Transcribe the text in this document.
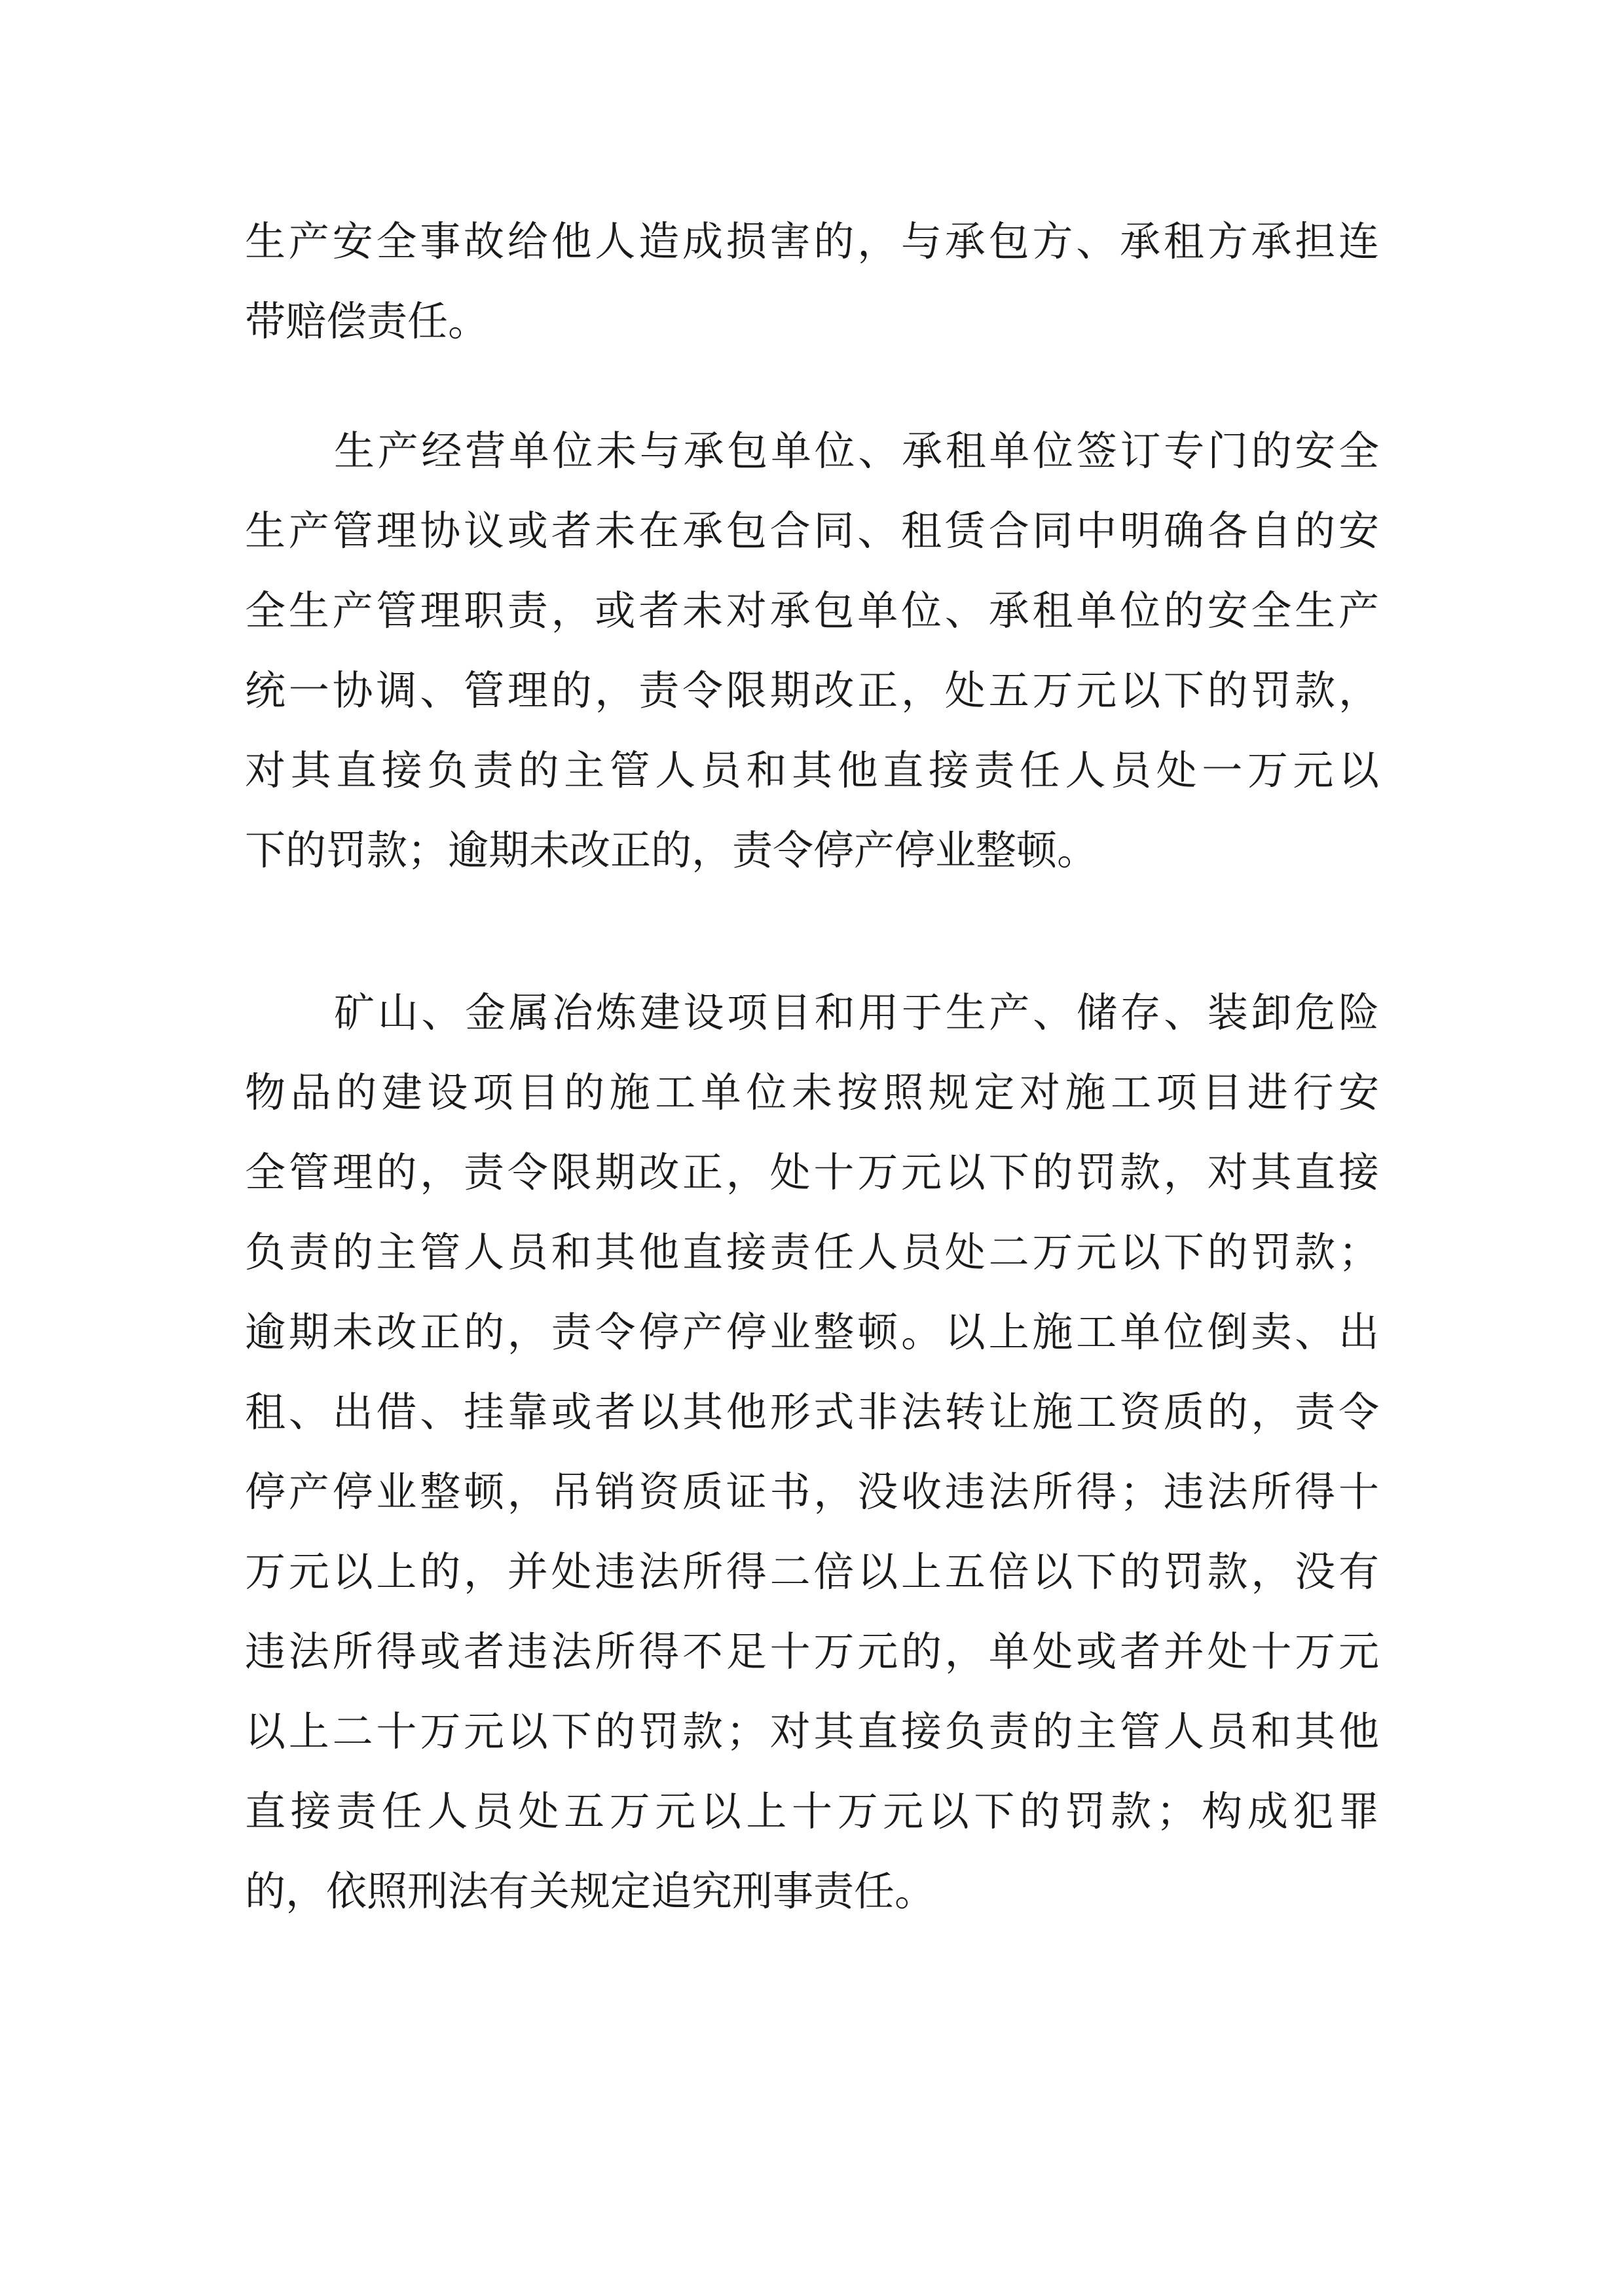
生产安全事故给他人造成损害的，与承包方、承租方承担连
带赔偿责任。
生产经营单位未与承包单位、承租单位签订专门的安全
生产管理协议或者未在承包合同、租赁合同中明确各自的安
全生产管理职责，或者未对承包单位、承租单位的安全生产
统一协调、管理的，责令限期改正，处五万元以下的罚款，
对其直接负责的主管人员和其他直接责任人员处一万元以
下的罚款；逾期未改正的，责令停产停业整顿。
矿山、金属冶炼建设项目和用于生产、储存、装卸危险
物品的建设项目的施工单位未按照规定对施工项目进行安
全管理的，责令限期改正，处十万元以下的罚款，对其直接
负责的主管人员和其他直接责任人员处二万元以下的罚款；
逾期未改正的，责令停产停业整顿。以上施工单位倒卖、出
租、出借、挂靠或者以其他形式非法转让施工资质的，责令
停产停业整顿，吊销资质证书，没收违法所得；违法所得十
万元以上的，并处违法所得二倍以上五倍以下的罚款，没有
违法所得或者违法所得不足十万元的，单处或者并处十万元
以上二十万元以下的罚款；对其直接负责的主管人员和其他
直接责任人员处五万元以上十万元以下的罚款；构成犯罪
的，依照刑法有关规定追究刑事责任。
